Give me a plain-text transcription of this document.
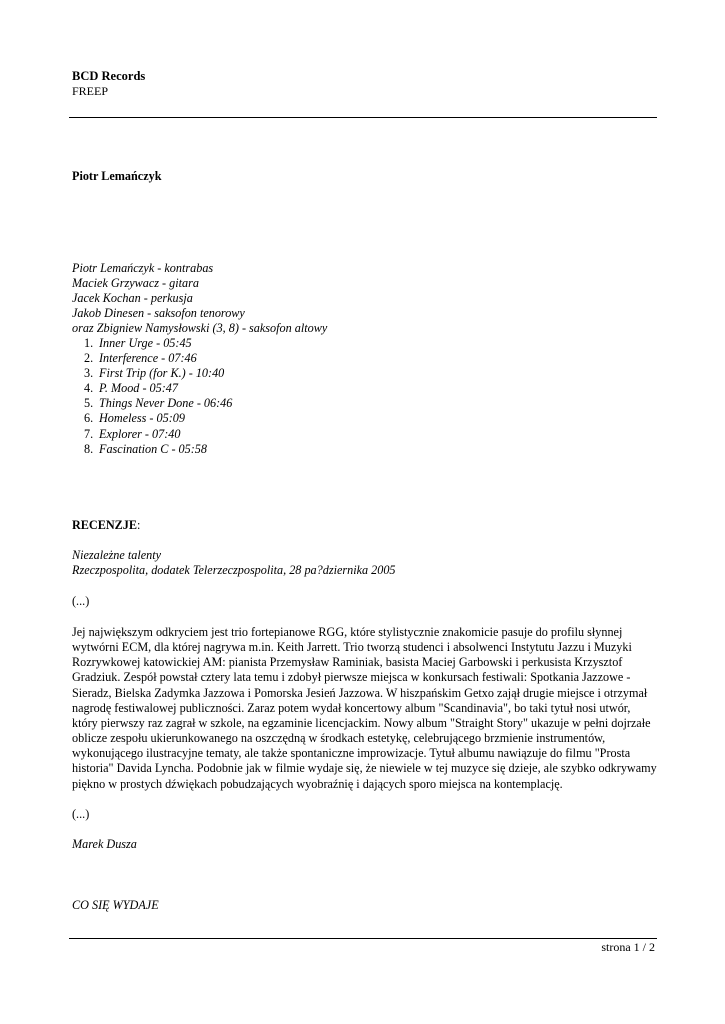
BCD Records
FREEP
Piotr Lemańczyk
Piotr Lemańczyk - kontrabas
Maciek Grzywacz - gitara
Jacek Kochan - perkusja
Jakob Dinesen - saksofon tenorowy
oraz Zbigniew Namysłowski (3, 8) - saksofon altowy
1. Inner Urge - 05:45
2. Interference - 07:46
3. First Trip (for K.) - 10:40
4. P. Mood - 05:47
5. Things Never Done - 06:46
6. Homeless - 05:09
7. Explorer - 07:40
8. Fascination C - 05:58
RECENZJE:
Niezależne talenty
Rzeczpospolita, dodatek Telerzeczpospolita, 28 pa?dziernika 2005
(...)
Jej największym odkryciem jest trio fortepianowe RGG, które stylistycznie znakomicie pasuje do profilu słynnej
wytwórni ECM, dla której nagrywa m.in. Keith Jarrett. Trio tworzą studenci i absolwenci Instytutu Jazzu i Muzyki
Rozrywkowej katowickiej AM: pianista Przemysław Raminiak, basista Maciej Garbowski i perkusista Krzysztof
Gradziuk. Zespół powstał cztery lata temu i zdobył pierwsze miejsca w konkursach festiwali: Spotkania Jazzowe -
Sieradz, Bielska Zadymka Jazzowa i Pomorska Jesień Jazzowa. W hiszpańskim Getxo zajął drugie miejsce i otrzymał
nagrodę festiwalowej publiczności. Zaraz potem wydał koncertowy album "Scandinavia", bo taki tytuł nosi utwór,
który pierwszy raz zagrał w szkole, na egzaminie licencjackim. Nowy album "Straight Story" ukazuje w pełni dojrzałe
oblicze zespołu ukierunkowanego na oszczędną w środkach estetykę, celebrującego brzmienie instrumentów,
wykonującego ilustracyjne tematy, ale także spontaniczne improwizacje. Tytuł albumu nawiązuje do filmu "Prosta
historia" Davida Lyncha. Podobnie jak w filmie wydaje się, że niewiele w tej muzyce się dzieje, ale szybko odkrywamy
piękno w prostych dźwiękach pobudzających wyobraźnię i dających sporo miejsca na kontemplację.
(...)
Marek Dusza
CO SIĘ WYDAJE
strona 1 / 2
